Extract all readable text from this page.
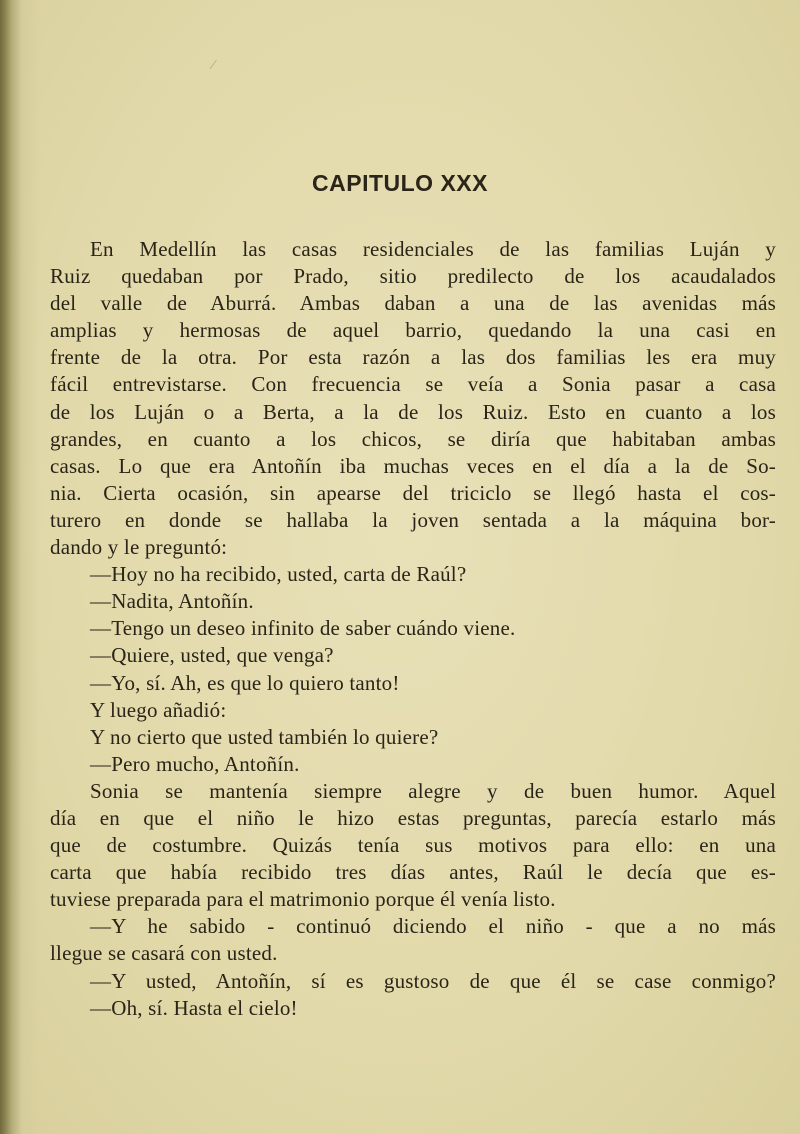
⁄
CAPITULO XXX
En Medellín las casas residenciales de las familias Luján y
Ruiz quedaban por Prado, sitio predilecto de los acaudalados
del valle de Aburrá. Ambas daban a una de las avenidas más
amplias y hermosas de aquel barrio, quedando la una casi en
frente de la otra. Por esta razón a las dos familias les era muy
fácil entrevistarse. Con frecuencia se veía a Sonia pasar a casa
de los Luján o a Berta, a la de los Ruiz. Esto en cuanto a los
grandes, en cuanto a los chicos, se diría que habitaban ambas
casas. Lo que era Antoñín iba muchas veces en el día a la de So-
nia. Cierta ocasión, sin apearse del triciclo se llegó hasta el cos-
turero en donde se hallaba la joven sentada a la máquina bor-
dando y le preguntó:
—Hoy no ha recibido, usted, carta de Raúl?
—Nadita, Antoñín.
—Tengo un deseo infinito de saber cuándo viene.
—Quiere, usted, que venga?
—Yo, sí. Ah, es que lo quiero tanto!
Y luego añadió:
Y no cierto que usted también lo quiere?
—Pero mucho, Antoñín.
Sonia se mantenía siempre alegre y de buen humor. Aquel
día en que el niño le hizo estas preguntas, parecía estarlo más
que de costumbre. Quizás tenía sus motivos para ello: en una
carta que había recibido tres días antes, Raúl le decía que es-
tuviese preparada para el matrimonio porque él venía listo.
—Y he sabido - continuó diciendo el niño - que a no más
llegue se casará con usted.
—Y usted, Antoñín, sí es gustoso de que él se case conmigo?
—Oh, sí. Hasta el cielo!
